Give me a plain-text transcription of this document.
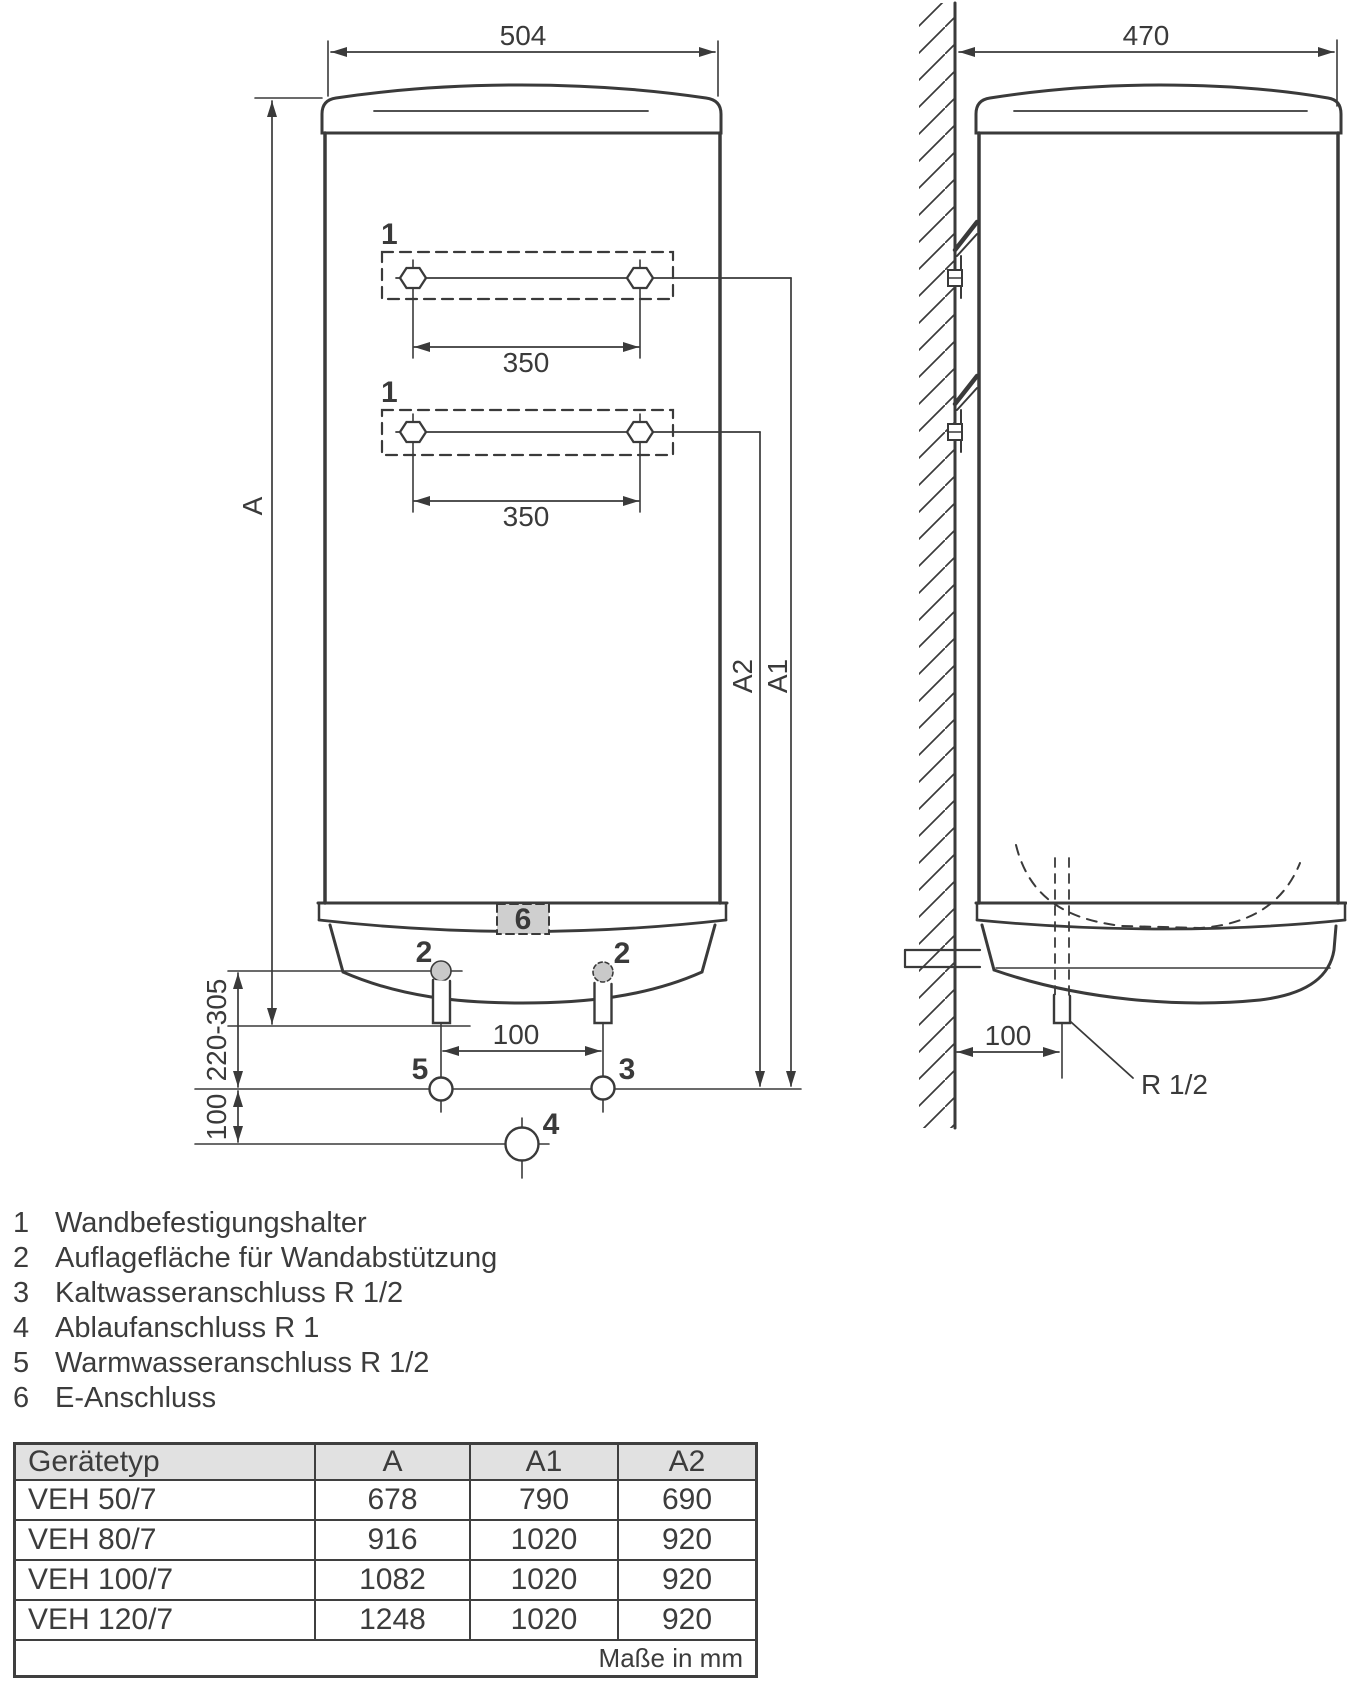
6
1
1
350
350
504
A
A2 A1
2	2
100
5	3
4
220-305
100
470
100
R 1/2
1 Wandbefestigungshalter
2 Auflagefläche für Wandabstützung
3 Kaltwasseranschluss R 1/2
4 Ablaufanschluss R 1
5 Warmwasseranschluss R 1/2
6 E-Anschluss
Gerätetyp	A	A1	A2
VEH 50/7	678	790	690
VEH 80/7	916	1020	920
VEH 100/7	1082	1020	920
VEH 120/7	1248	1020	920
Maße in mm			
